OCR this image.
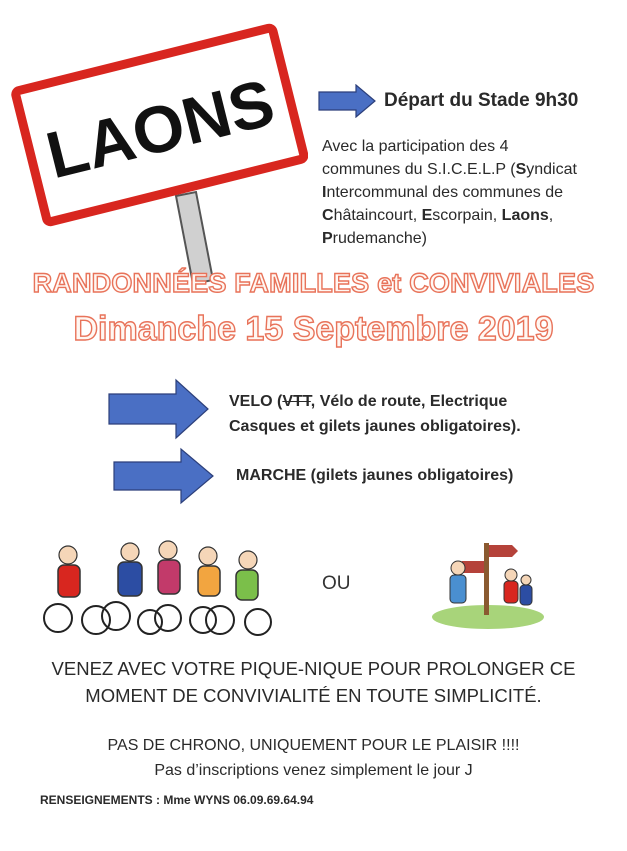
LAONS	Départ du Stade 9h30
Avec la participation des 4
communes du S.I.C.E.L.P (Syndicat
Intercommunal des communes de
Châtaincourt, Escorpain, Laons,
Prudemanche)
RANDONNÉES FAMILLES et CONVIVIALES
Dimanche 15 Septembre 2019
VELO (VTT, Vélo de route, Electrique
Casques et gilets jaunes obligatoires).
MARCHE (gilets jaunes obligatoires)
OU
VENEZ AVEC VOTRE PIQUE-NIQUE POUR PROLONGER CE
MOMENT DE CONVIVIALITÉ EN TOUTE SIMPLICITÉ.
PAS DE CHRONO, UNIQUEMENT POUR LE PLAISIR !!!!
Pas d’inscriptions venez simplement le jour J
RENSEIGNEMENTS : Mme WYNS 06.09.69.64.94
